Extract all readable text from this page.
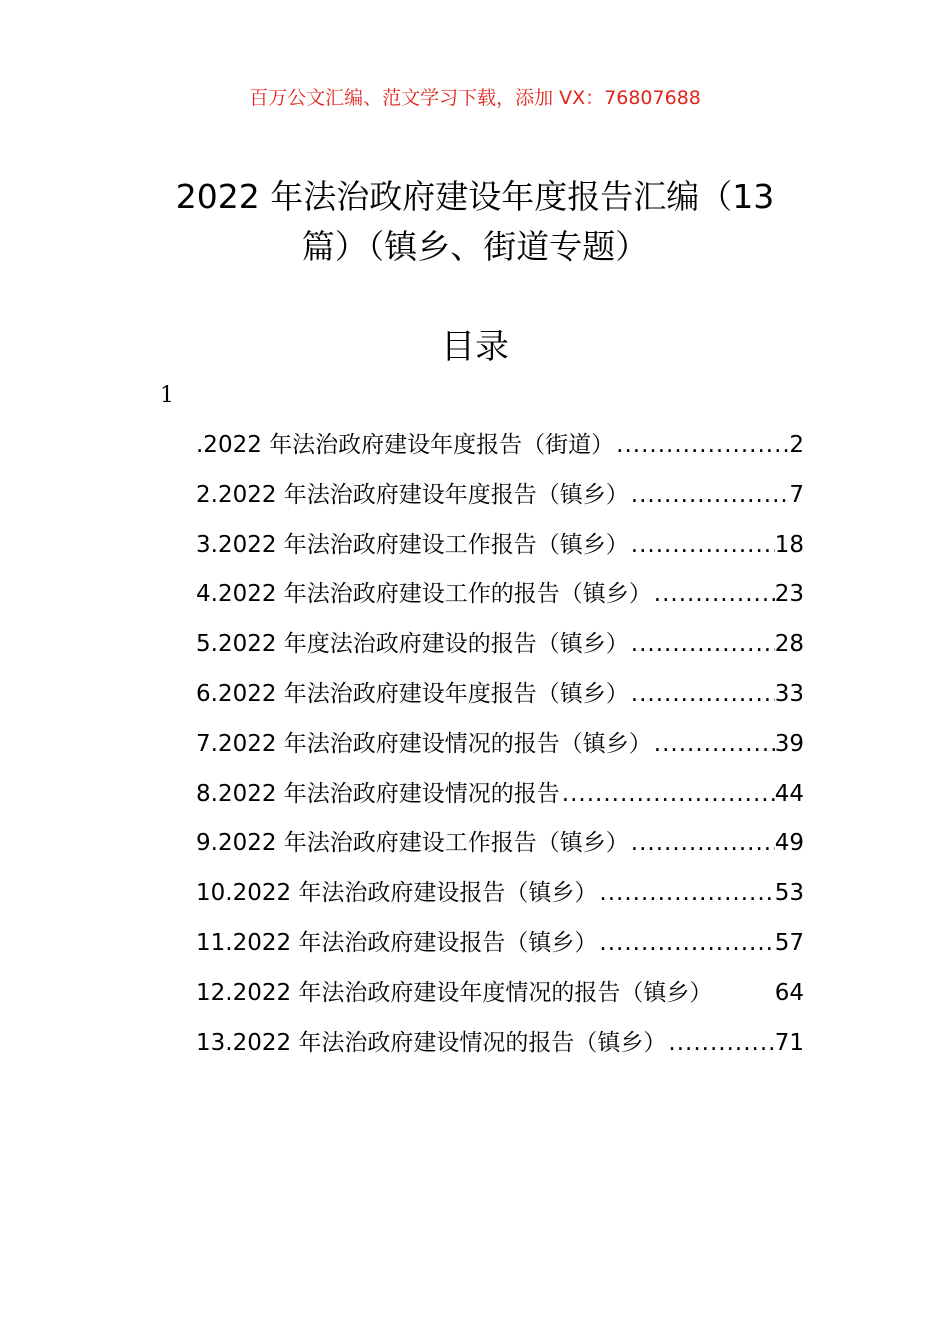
百万公文汇编、范文学习下载，添加 VX：76807688
2022 年法治政府建设年度报告汇编（13
篇）（镇乡、街道专题）
目录
1
.2022 年法治政府建设年度报告（街道） .....	2
2.2022 年法治政府建设年度报告（镇乡） .....	7
3.2022 年法治政府建设工作报告（镇乡） .....	18
4.2022 年法治政府建设工作的报告（镇乡） .....	23
5.2022 年度法治政府建设的报告（镇乡） .....	28
6.2022 年法治政府建设年度报告（镇乡） .....	33
7.2022 年法治政府建设情况的报告（镇乡） .....	39
8.2022 年法治政府建设情况的报告 .....	44
9.2022 年法治政府建设工作报告（镇乡） .....	49
10.2022 年法治政府建设报告（镇乡） .....	53
11.2022 年法治政府建设报告（镇乡） .....	57
12.2022 年法治政府建设年度情况的报告（镇乡）	64
13.2022 年法治政府建设情况的报告（镇乡） .....	71
